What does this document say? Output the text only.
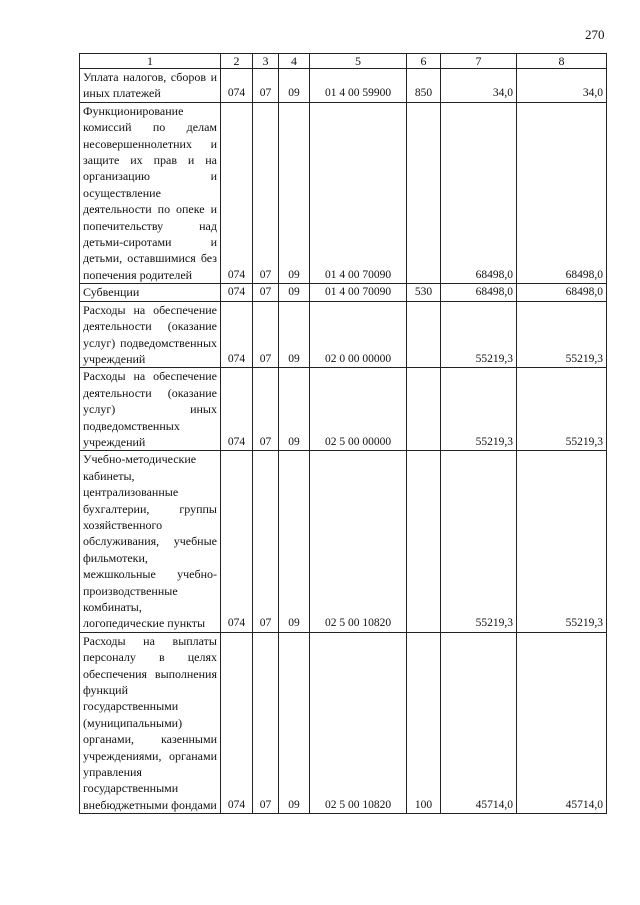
270
1	2	3	4	5	6	7	8
Уплата налогов, сборов и иных платежей	074	07	09	01 4 00 59900	850	34,0	34,0
Функционирование комиссий по делам несовершеннолетних и защите их прав и на организацию и осуществление деятельности по опеке и попечительству над детьми-сиротами и детьми, оставшимися без попечения родителей	074	07	09	01 4 00 70090		68498,0	68498,0
Субвенции	074	07	09	01 4 00 70090	530	68498,0	68498,0
Расходы на обеспечение деятельности (оказание услуг) подведомственных учреждений	074	07	09	02 0 00 00000		55219,3	55219,3
Расходы на обеспечение деятельности (оказание услуг) иных подведомственных учреждений	074	07	09	02 5 00 00000		55219,3	55219,3
Учебно-методические кабинеты, централизованные бухгалтерии, группы хозяйственного обслуживания, учебные фильмотеки, межшкольные учебно-производственные комбинаты, логопедические пункты	074	07	09	02 5 00 10820		55219,3	55219,3
Расходы на выплаты персоналу в целях обеспечения выполнения функций государственными (муниципальными) органами, казенными учреждениями, органами управления государственными внебюджетными фондами	074	07	09	02 5 00 10820	100	45714,0	45714,0
